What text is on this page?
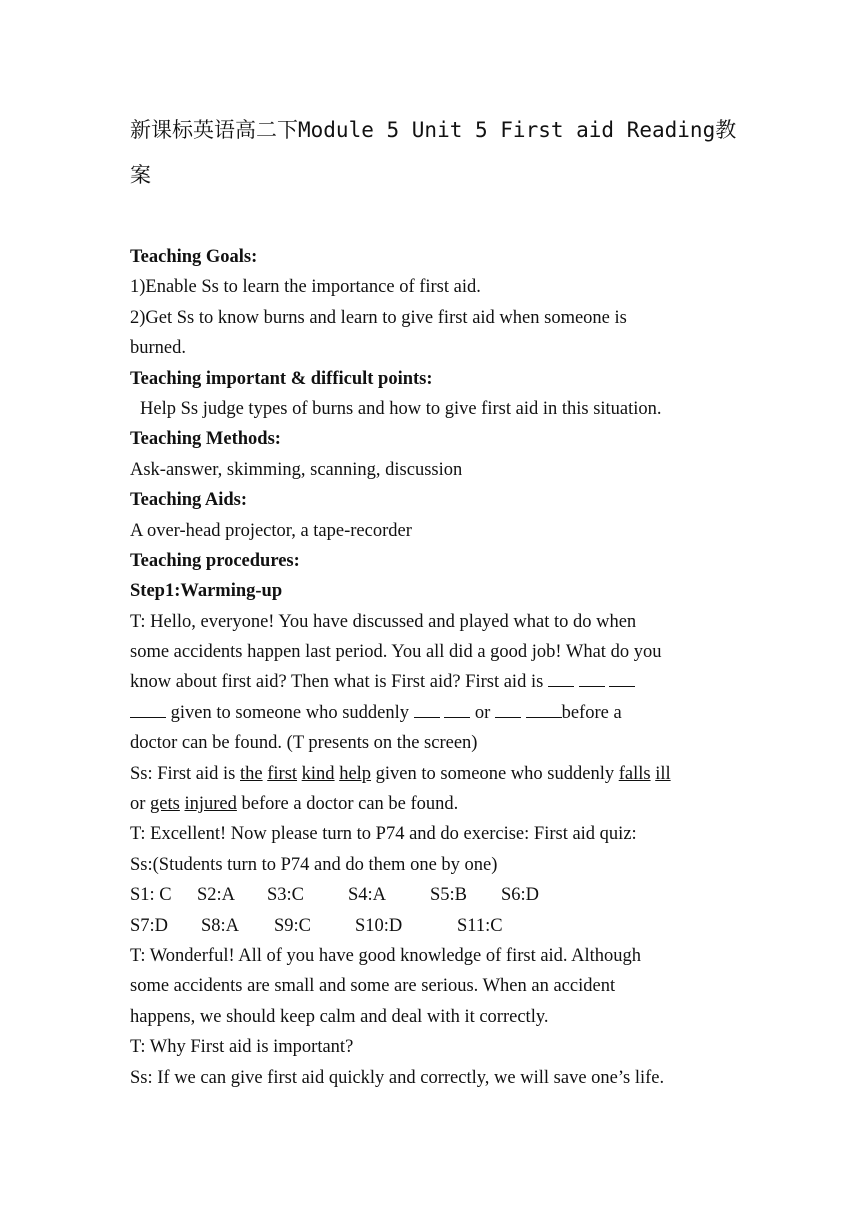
新课标英语高二下Module 5 Unit 5 First aid Reading教案
Teaching Goals:
1)Enable Ss to learn the importance of first aid.
2)Get Ss to know burns and learn to give first aid when someone is
burned.
Teaching important & difficult points:
Help Ss judge types of burns and how to give first aid in this situation.
Teaching Methods:
Ask-answer, skimming, scanning, discussion
Teaching Aids:
A over-head projector, a tape-recorder
Teaching procedures:
Step1:Warming-up
T: Hello, everyone! You have discussed and played what to do when
some accidents happen last period. You all did a good job! What do you
know about first aid? Then what is First aid? First aid is
given to someone who suddenly	or	before a
doctor can be found. (T presents on the screen)
Ss: First aid is the first kind help given to someone who suddenly falls ill
or gets injured before a doctor can be found.
T: Excellent! Now please turn to P74 and do exercise: First aid quiz:
Ss:(Students turn to P74 and do them one by one)
S1: C S2:A S3:C S4:A S5:B S6:D
S7:D S8:A S9:C S10:D	S11:C
T: Wonderful! All of you have good knowledge of first aid. Although
some accidents are small and some are serious. When an accident
happens, we should keep calm and deal with it correctly.
T: Why First aid is important?
Ss: If we can give first aid quickly and correctly, we will save one’s life.
